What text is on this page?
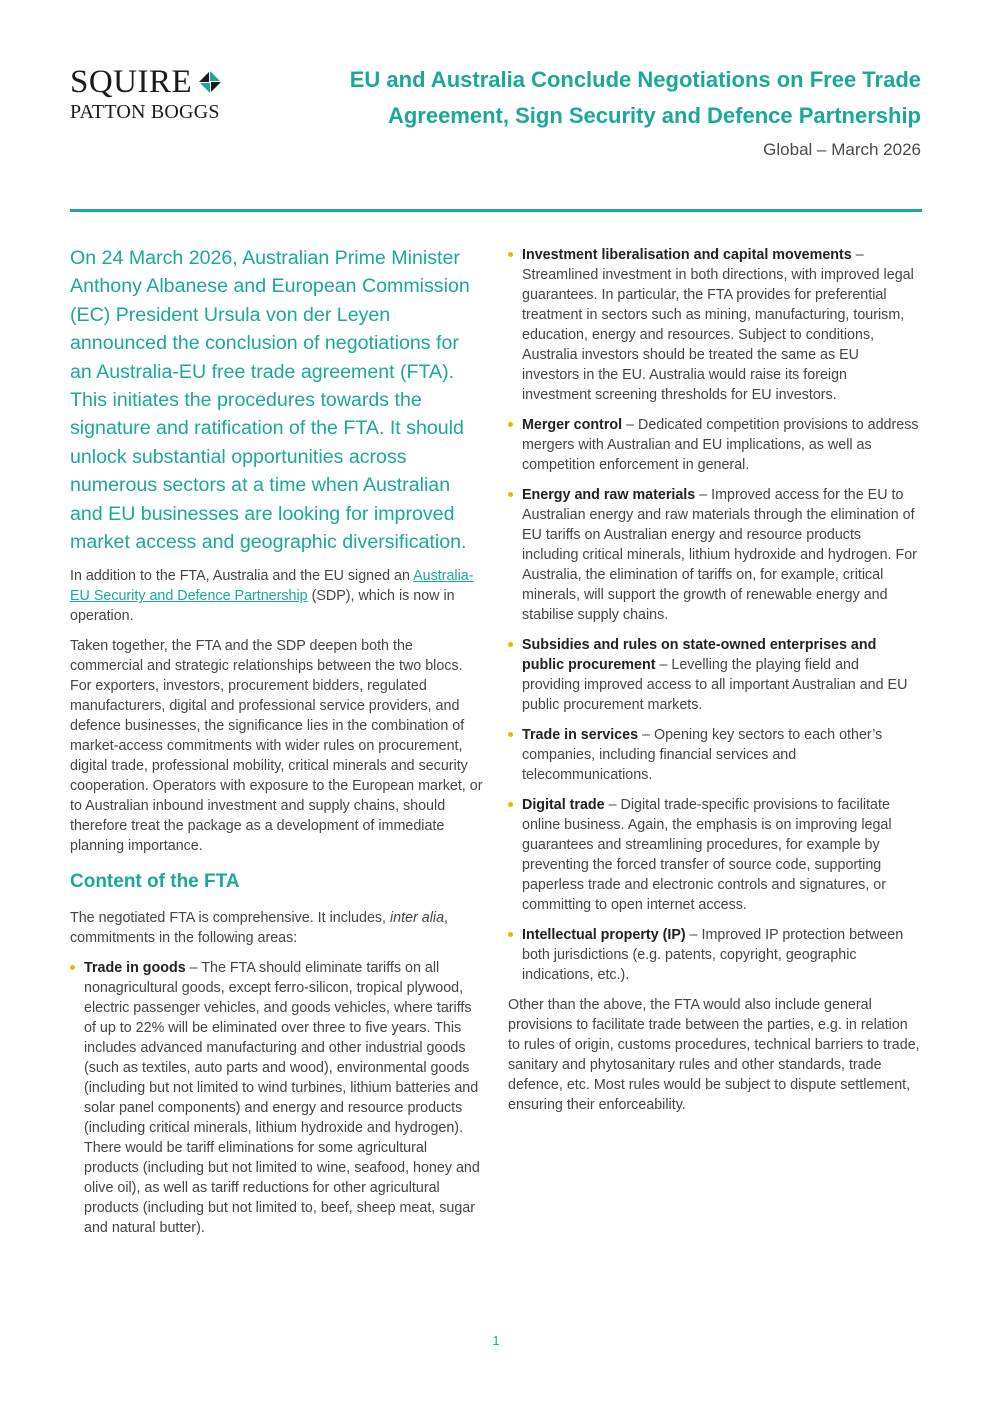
SQUIRE
PATTON BOGGS
EU and Australia Conclude Negotiations on Free Trade Agreement, Sign Security and Defence Partnership
Global – March 2026

On 24 March 2026, Australian Prime Minister Anthony Albanese and European Commission (EC) President Ursula von der Leyen announced the conclusion of negotiations for an Australia-EU free trade agreement (FTA). This initiates the procedures towards the signature and ratification of the FTA. It should unlock substantial opportunities across numerous sectors at a time when Australian and EU businesses are looking for improved market access and geographic diversification.

In addition to the FTA, Australia and the EU signed an Australia-EU Security and Defence Partnership (SDP), which is now in operation.

Taken together, the FTA and the SDP deepen both the commercial and strategic relationships between the two blocs. For exporters, investors, procurement bidders, regulated manufacturers, digital and professional service providers, and defence businesses, the significance lies in the combination of market-access commitments with wider rules on procurement, digital trade, professional mobility, critical minerals and security cooperation. Operators with exposure to the European market, or to Australian inbound investment and supply chains, should therefore treat the package as a development of immediate planning importance.

Content of the FTA

The negotiated FTA is comprehensive. It includes, inter alia, commitments in the following areas:

Trade in goods – The FTA should eliminate tariffs on all nonagricultural goods, except ferro-silicon, tropical plywood, electric passenger vehicles, and goods vehicles, where tariffs of up to 22% will be eliminated over three to five years. This includes advanced manufacturing and other industrial goods (such as textiles, auto parts and wood), environmental goods (including but not limited to wind turbines, lithium batteries and solar panel components) and energy and resource products (including critical minerals, lithium hydroxide and hydrogen). There would be tariff eliminations for some agricultural products (including but not limited to wine, seafood, honey and olive oil), as well as tariff reductions for other agricultural products (including but not limited to, beef, sheep meat, sugar and natural butter).
Investment liberalisation and capital movements – Streamlined investment in both directions, with improved legal guarantees. In particular, the FTA provides for preferential treatment in sectors such as mining, manufacturing, tourism, education, energy and resources. Subject to conditions, Australia investors should be treated the same as EU investors in the EU. Australia would raise its foreign investment screening thresholds for EU investors.
Merger control – Dedicated competition provisions to address mergers with Australian and EU implications, as well as competition enforcement in general.
Energy and raw materials – Improved access for the EU to Australian energy and raw materials through the elimination of EU tariffs on Australian energy and resource products including critical minerals, lithium hydroxide and hydrogen. For Australia, the elimination of tariffs on, for example, critical minerals, will support the growth of renewable energy and stabilise supply chains.
Subsidies and rules on state-owned enterprises and public procurement – Levelling the playing field and providing improved access to all important Australian and EU public procurement markets.
Trade in services – Opening key sectors to each other’s companies, including financial services and telecommunications.
Digital trade – Digital trade-specific provisions to facilitate online business. Again, the emphasis is on improving legal guarantees and streamlining procedures, for example by preventing the forced transfer of source code, supporting paperless trade and electronic controls and signatures, or committing to open internet access.
Intellectual property (IP) – Improved IP protection between both jurisdictions (e.g. patents, copyright, geographic indications, etc.).

Other than the above, the FTA would also include general provisions to facilitate trade between the parties, e.g. in relation to rules of origin, customs procedures, technical barriers to trade, sanitary and phytosanitary rules and other standards, trade defence, etc. Most rules would be subject to dispute settlement, ensuring their enforceability.

1
